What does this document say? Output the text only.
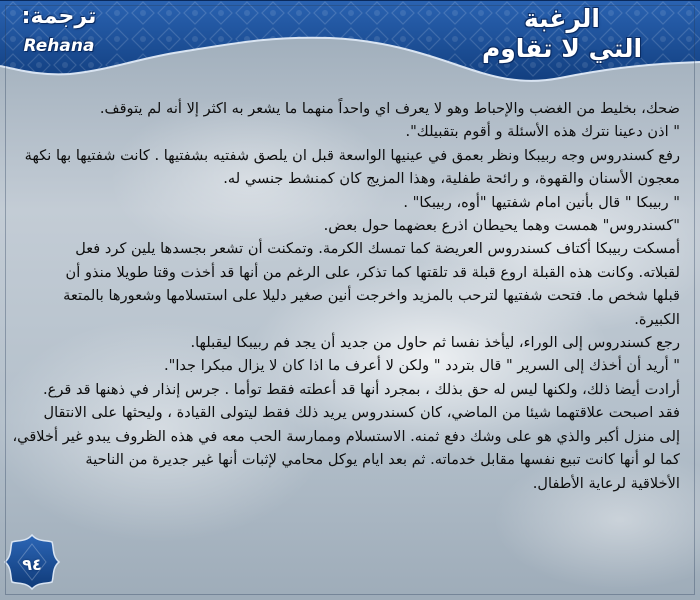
ترجمة:
Rehana
الرغبة
التي لا تقاوم

ضحك، بخليط من الغضب والإحباط وهو لا يعرف اي واحداً منهما ما يشعر به اكثر إلا أنه لم يتوقف.

" اذن دعينا نترك هذه الأسئلة و أقوم بتقبيلك".

رفع كسندروس وجه ربيبكا ونظر بعمق في عينيها الواسعة قبل ان يلصق شفتيه بشفتيها . كانت شفتيها بها نكهة

معجون الأسنان والقهوة، و رائحة طفلية، وهذا المزيج كان كمنشط جنسي له.

" ربيبكا " قال بأنين امام شفتيها "أوه، ربيبكا" .

"كسندروس" همست وهما يحيطان اذرع بعضهما حول بعض.

أمسكت ربيبكا أكتاف كسندروس العريضة كما تمسك الكرمة. وتمكنت أن تشعر بجسدها يلين كرد فعل

لقبلاته. وكانت هذه القبلة اروع قبلة قد تلقتها كما تذكر، على الرغم من أنها قد أخذت وقتا طويلا منذو أن

قبلها شخص ما. فتحت شفتيها لترحب بالمزيد واخرجت أنين صغير دليلا على استسلامها وشعورها بالمتعة

الكبيرة.

رجع كسندروس إلى الوراء، ليأخذ نفسا ثم حاول من جديد أن يجد فم ربيبكا ليقبلها.

" أريد أن أخذك إلى السرير " قال بتردد " ولكن لا أعرف ما اذا كان لا يزال مبكرا جدا".

أرادت أيضا ذلك، ولكنها ليس له حق بذلك ، بمجرد أنها قد أعطته فقط توأما . جرس إنذار في ذهنها قد قرع.

فقد اصبحت علاقتهما شيئا من الماضي، كان كسندروس يريد ذلك فقط ليتولى القيادة ، وليحثها على الانتقال

إلى منزل أكبر والذي هو على وشك دفع ثمنه. الاستسلام وممارسة الحب معه في هذه الظروف يبدو غير أخلاقي،

كما لو أنها كانت تبيع نفسها مقابل خدماته. ثم بعد ايام يوكل محامي لإثبات أنها غير جديرة من الناحية

الأخلاقية لرعاية الأطفال.

٩٤
